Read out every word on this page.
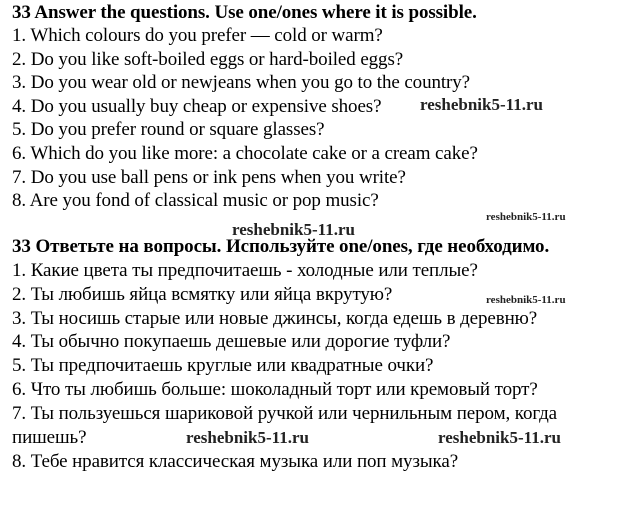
33 Answer the questions. Use one/ones where it is possible.
1. Which colours do you prefer — cold or warm?
2. Do you like soft-boiled eggs or hard-boiled eggs?
3. Do you wear old or newjeans when you go to the country?
4. Do you usually buy cheap or expensive shoes?
5. Do you prefer round or square glasses?
6. Which do you like more: a chocolate cake or a cream cake?
7. Do you use ball pens or ink pens when you write?
8. Are you fond of classical music or pop music?
33 Ответьте на вопросы. Используйте one/ones, где необходимо.
1. Какие цвета ты предпочитаешь - холодные или теплые?
2. Ты любишь яйца всмятку или яйца вкрутую?
3. Ты носишь старые или новые джинсы, когда едешь в деревню?
4. Ты обычно покупаешь дешевые или дорогие туфли?
5. Ты предпочитаешь круглые или квадратные очки?
6. Что ты любишь больше: шоколадный торт или кремовый торт?
7. Ты пользуешься шариковой ручкой или чернильным пером, когда
пишешь?
8. Тебе нравится классическая музыка или поп музыка?
reshebnik5-11.ru
reshebnik5-11.ru
reshebnik5-11.ru
reshebnik5-11.ru
reshebnik5-11.ru	reshebnik5-11.ru
